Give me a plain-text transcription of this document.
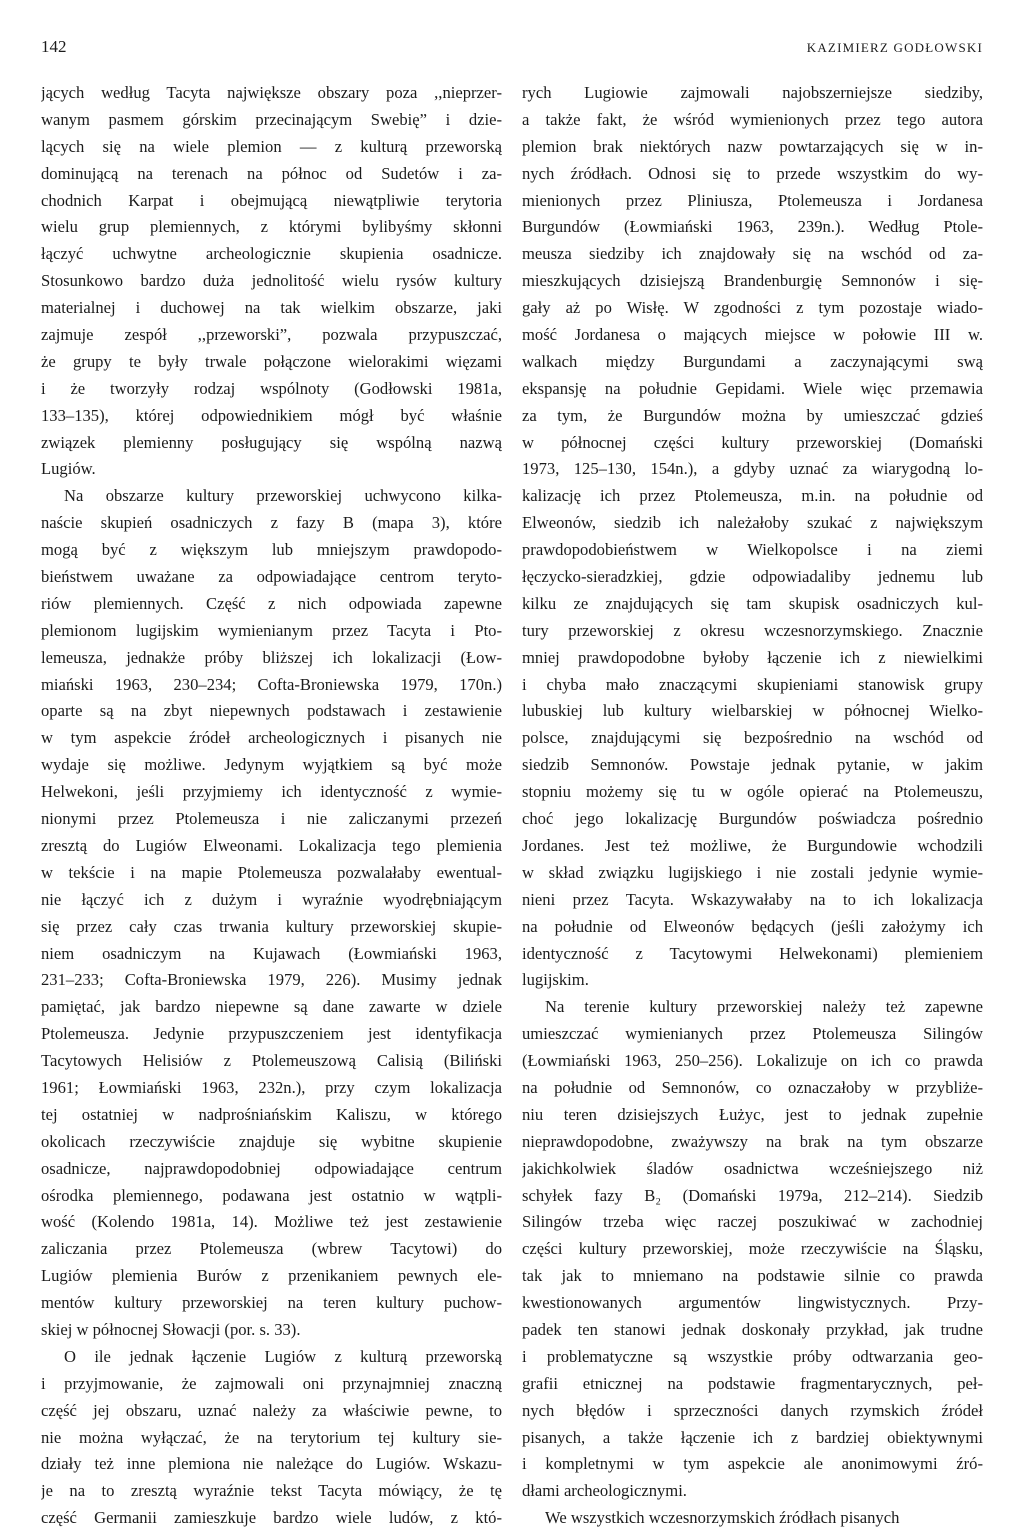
142	KAZIMIERZ GODŁOWSKI
jących według Tacyta największe obszary poza ,,nieprzer-
wanym pasmem górskim przecinającym Swebię” i dzie-
lących się na wiele plemion — z kulturą przeworską
dominującą na terenach na północ od Sudetów i za-
chodnich Karpat i obejmującą niewątpliwie terytoria
wielu grup plemiennych, z którymi bylibyśmy skłonni
łączyć uchwytne archeologicznie skupienia osadnicze.
Stosunkowo bardzo duża jednolitość wielu rysów kultury
materialnej i duchowej na tak wielkim obszarze, jaki
zajmuje zespół ,,przeworski”, pozwala przypuszczać,
że grupy te były trwale połączone wielorakimi więzami
i że tworzyły rodzaj wspólnoty (Godłowski 1981a,
133–135), której odpowiednikiem mógł być właśnie
związek plemienny posługujący się wspólną nazwą
Lugiów.
Na obszarze kultury przeworskiej uchwycono kilka-
naście skupień osadniczych z fazy B (mapa 3), które
mogą być z większym lub mniejszym prawdopodo-
bieństwem uważane za odpowiadające centrom teryto-
riów plemiennych. Część z nich odpowiada zapewne
plemionom lugijskim wymienianym przez Tacyta i Pto-
lemeusza, jednakże próby bliższej ich lokalizacji (Łow-
miański 1963, 230–234; Cofta-Broniewska 1979, 170n.)
oparte są na zbyt niepewnych podstawach i zestawienie
w tym aspekcie źródeł archeologicznych i pisanych nie
wydaje się możliwe. Jedynym wyjątkiem są być może
Helwekoni, jeśli przyjmiemy ich identyczność z wymie-
nionymi przez Ptolemeusza i nie zaliczanymi przezeń
zresztą do Lugiów Elweonami. Lokalizacja tego plemienia
w tekście i na mapie Ptolemeusza pozwalałaby ewentual-
nie łączyć ich z dużym i wyraźnie wyodrębniającym
się przez cały czas trwania kultury przeworskiej skupie-
niem osadniczym na Kujawach (Łowmiański 1963,
231–233; Cofta-Broniewska 1979, 226). Musimy jednak
pamiętać, jak bardzo niepewne są dane zawarte w dziele
Ptolemeusza. Jedynie przypuszczeniem jest identyfikacja
Tacytowych Helisiów z Ptolemeuszową Calisią (Biliński
1961; Łowmiański 1963, 232n.), przy czym lokalizacja
tej ostatniej w nadprośniańskim Kaliszu, w którego
okolicach rzeczywiście znajduje się wybitne skupienie
osadnicze, najprawdopodobniej odpowiadające centrum
ośrodka plemiennego, podawana jest ostatnio w wątpli-
wość (Kolendo 1981a, 14). Możliwe też jest zestawienie
zaliczania przez Ptolemeusza (wbrew Tacytowi) do
Lugiów plemienia Burów z przenikaniem pewnych ele-
mentów kultury przeworskiej na teren kultury puchow-
skiej w północnej Słowacji (por. s. 33).
O ile jednak łączenie Lugiów z kulturą przeworską
i przyjmowanie, że zajmowali oni przynajmniej znaczną
część jej obszaru, uznać należy za właściwie pewne, to
nie można wyłączać, że na terytorium tej kultury sie-
działy też inne plemiona nie należące do Lugiów. Wskazu-
je na to zresztą wyraźnie tekst Tacyta mówiący, że tę
część Germanii zamieszkuje bardzo wiele ludów, z któ-
rych Lugiowie zajmowali najobszerniejsze siedziby,
a także fakt, że wśród wymienionych przez tego autora
plemion brak niektórych nazw powtarzających się w in-
nych źródłach. Odnosi się to przede wszystkim do wy-
mienionych przez Pliniusza, Ptolemeusza i Jordanesa
Burgundów (Łowmiański 1963, 239n.). Według Ptole-
meusza siedziby ich znajdowały się na wschód od za-
mieszkujących dzisiejszą Brandenburgię Semnonów i się-
gały aż po Wisłę. W zgodności z tym pozostaje wiado-
mość Jordanesa o mających miejsce w połowie III w.
walkach między Burgundami a zaczynającymi swą
ekspansję na południe Gepidami. Wiele więc przemawia
za tym, że Burgundów można by umieszczać gdzieś
w północnej części kultury przeworskiej (Domański
1973, 125–130, 154n.), a gdyby uznać za wiarygodną lo-
kalizację ich przez Ptolemeusza, m.in. na południe od
Elweonów, siedzib ich należałoby szukać z największym
prawdopodobieństwem w Wielkopolsce i na ziemi
łęczycko-sieradzkiej, gdzie odpowiadaliby jednemu lub
kilku ze znajdujących się tam skupisk osadniczych kul-
tury przeworskiej z okresu wczesnorzymskiego. Znacznie
mniej prawdopodobne byłoby łączenie ich z niewielkimi
i chyba mało znaczącymi skupieniami stanowisk grupy
lubuskiej lub kultury wielbarskiej w północnej Wielko-
polsce, znajdującymi się bezpośrednio na wschód od
siedzib Semnonów. Powstaje jednak pytanie, w jakim
stopniu możemy się tu w ogóle opierać na Ptolemeuszu,
choć jego lokalizację Burgundów poświadcza pośrednio
Jordanes. Jest też możliwe, że Burgundowie wchodzili
w skład związku lugijskiego i nie zostali jedynie wymie-
nieni przez Tacyta. Wskazywałaby na to ich lokalizacja
na południe od Elweonów będących (jeśli założymy ich
identyczność z Tacytowymi Helwekonami) plemieniem
lugijskim.
Na terenie kultury przeworskiej należy też zapewne
umieszczać wymienianych przez Ptolemeusza Silingów
(Łowmiański 1963, 250–256). Lokalizuje on ich co prawda
na południe od Semnonów, co oznaczałoby w przybliże-
niu teren dzisiejszych Łużyc, jest to jednak zupełnie
nieprawdopodobne, zważywszy na brak na tym obszarze
jakichkolwiek śladów osadnictwa wcześniejszego niż
schyłek fazy B₂ (Domański 1979a, 212–214). Siedzib
Silingów trzeba więc raczej poszukiwać w zachodniej
części kultury przeworskiej, może rzeczywiście na Śląsku,
tak jak to mniemano na podstawie silnie co prawda
kwestionowanych argumentów lingwistycznych. Przy-
padek ten stanowi jednak doskonały przykład, jak trudne
i problematyczne są wszystkie próby odtwarzania geo-
grafii etnicznej na podstawie fragmentarycznych, peł-
nych błędów i sprzeczności danych rzymskich źródeł
pisanych, a także łączenie ich z bardziej obiektywnymi
i kompletnymi w tym aspekcie ale anonimowymi źró-
dłami archeologicznymi.
We wszystkich wczesnorzymskich źródłach pisanych
